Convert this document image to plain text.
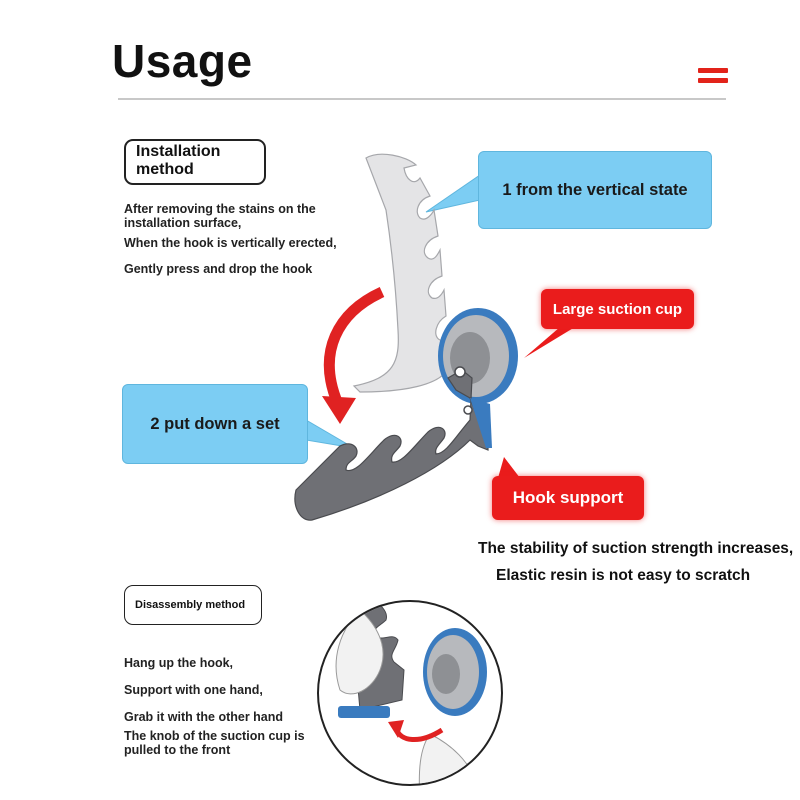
Usage
Installation method
After removing the stains on the installation surface,
When the hook is vertically erected,
Gently press and drop the hook
1 from the vertical state
2 put down a set
Large suction cup
Hook support
The stability of suction strength increases,
Elastic resin is not easy to scratch
Disassembly method
Hang up the hook,
Support with one hand,
Grab it with the other hand
The knob of the suction cup is pulled to the front
